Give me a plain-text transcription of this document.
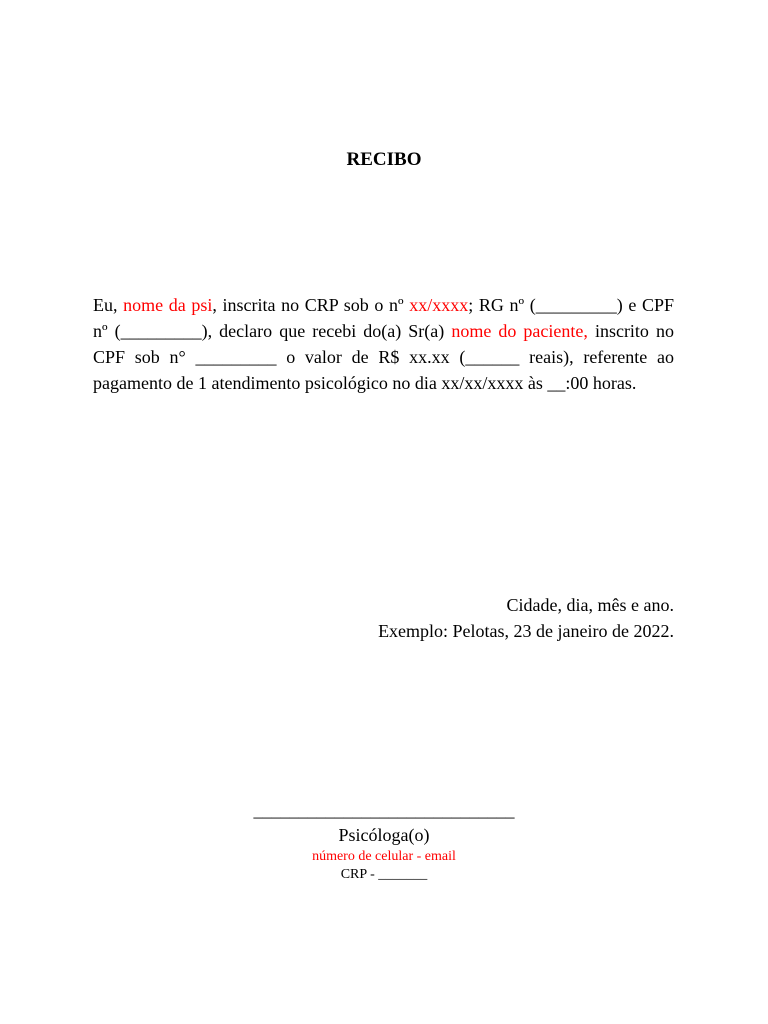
RECIBO
Eu, nome da psi, inscrita no CRP sob o nº xx/xxxx; RG nº (_________) e CPF nº (_________), declaro que recebi do(a) Sr(a) nome do paciente, inscrito no CPF sob n° _________ o valor de R$ xx.xx (______ reais), referente ao pagamento de 1 atendimento psicológico no dia xx/xx/xxxx às __:00 horas.
Cidade, dia, mês e ano.
Exemplo: Pelotas, 23 de janeiro de 2022.
_____________________________
Psicóloga(o)
número de celular - email
CRP - _______
